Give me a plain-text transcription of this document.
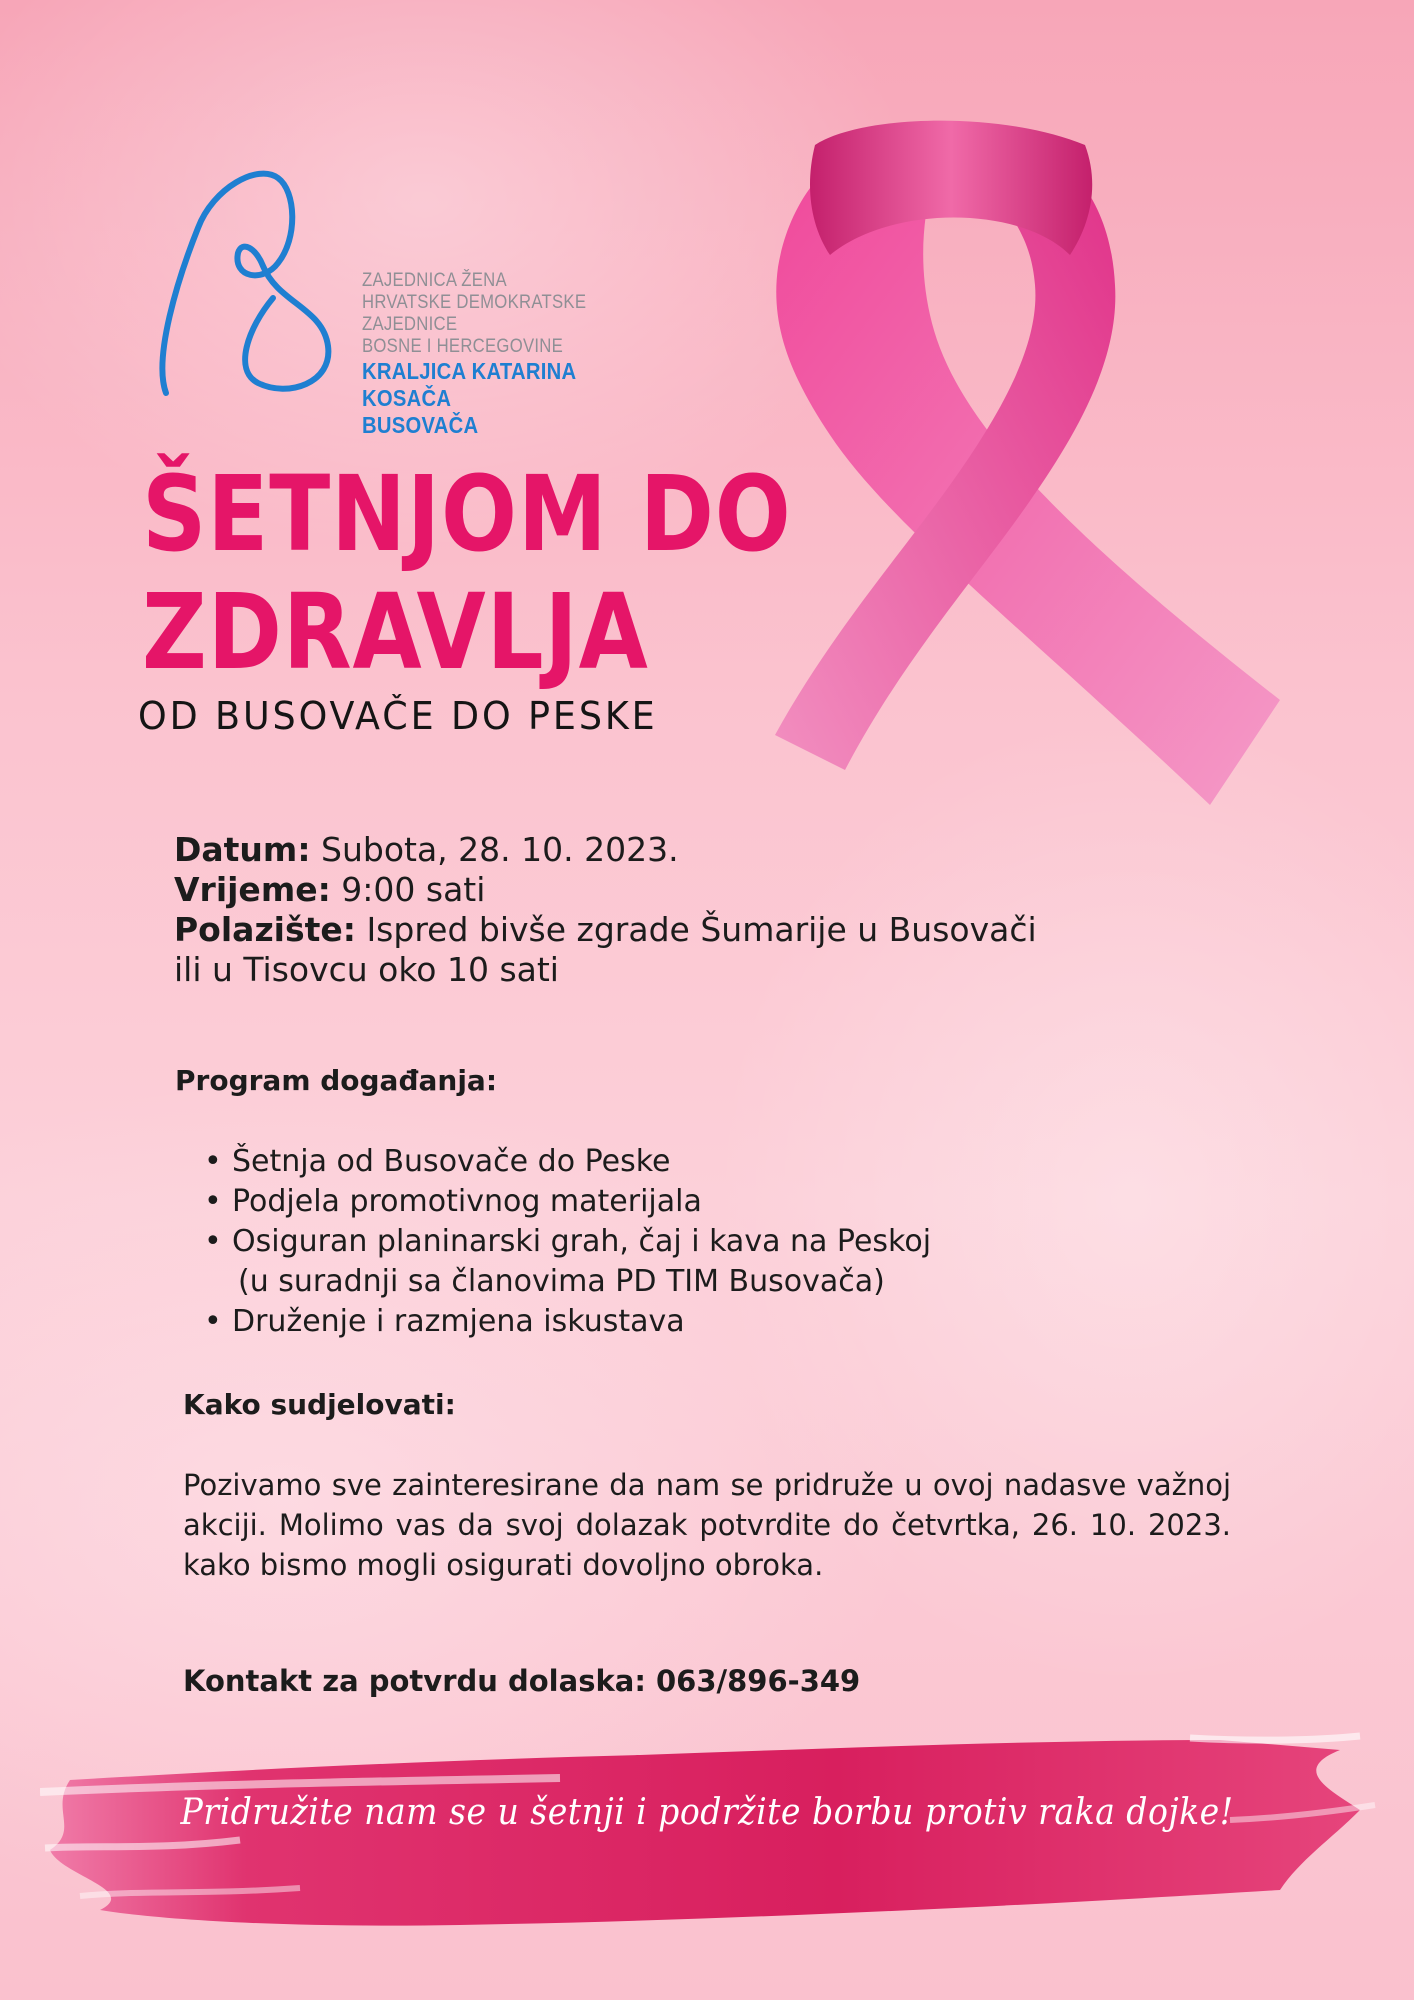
ZAJEDNICA ŽENA
HRVATSKE DEMOKRATSKE ZAJEDNICE
BOSNE I HERCEGOVINE
KRALJICA KATARINA KOSAČA
BUSOVAČA
ŠETNJOM DO
ZDRAVLJA
OD BUSOVAČE DO PESKE
Datum: Subota, 28. 10. 2023.
Vrijeme: 9:00 sati
Polazište: Ispred bivše zgrade Šumarije u Busovači
ili u Tisovcu oko 10 sati
Program događanja:
• Šetnja od Busovače do Peske
• Podjela promotivnog materijala
• Osiguran planinarski grah, čaj i kava na Peskoj
(u suradnji sa članovima PD TIM Busovača)
• Druženje i razmjena iskustava
Kako sudjelovati:
Pozivamo sve zainteresirane da nam se pridruže u ovoj nadasve važnoj akciji. Molimo vas da svoj dolazak potvrdite do četvrtka, 26. 10. 2023. kako bismo mogli osigurati dovoljno obroka.
Kontakt za potvrdu dolaska: 063/896-349
Pridružite nam se u šetnji i podržite borbu protiv raka dojke!
